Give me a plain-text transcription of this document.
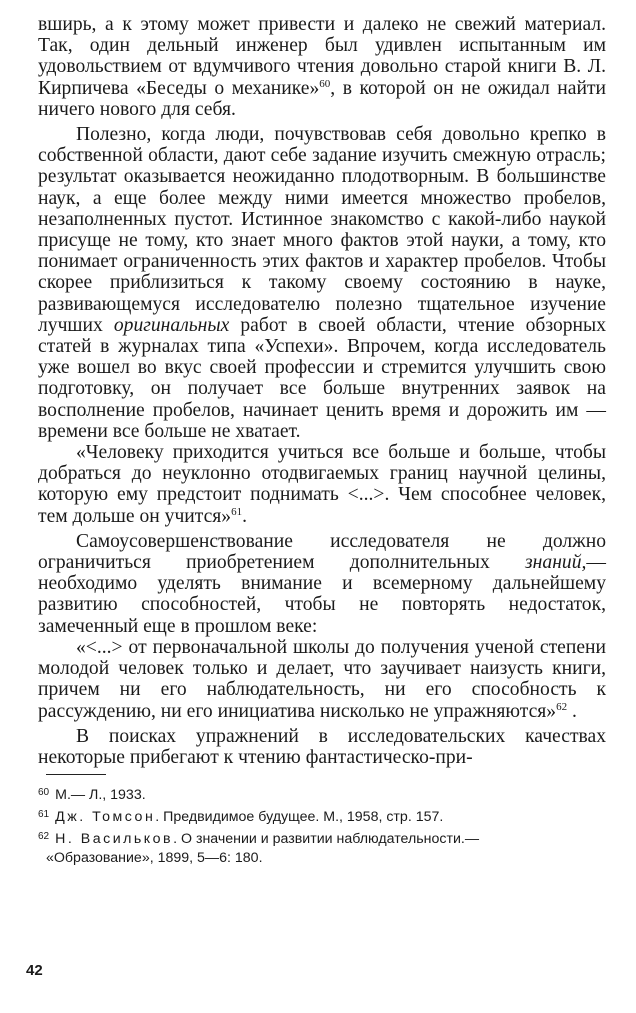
вширь, а к этому может привести и далеко не свежий материал. Так, один дельный инженер был удивлен испытанным им удовольствием от вдумчивого чтения довольно старой книги В. Л. Кирпичева «Беседы о механике»$^{60}$, в которой он не ожидал найти ничего нового для себя.

Полезно, когда люди, почувствовав себя довольно крепко в собственной области, дают себе задание изучить смежную отрасль; результат оказывается неожиданно плодотворным. В большинстве наук, а еще более между ними имеется множество пробелов, незаполненных пустот. Истинное знакомство с какой-либо наукой присуще не тому, кто знает много фактов этой науки, а тому, кто понимает ограниченность этих фактов и характер пробелов. Чтобы скорее приблизиться к такому своему состоянию в науке, развивающемуся исследователю полезно тщательное изучение лучших оригинальных работ в своей области, чтение обзорных статей в журналах типа «Успехи». Впрочем, когда исследователь уже вошел во вкус своей профессии и стремится улучшить свою подготовку, он получает все больше внутренних заявок на восполнение пробелов, начинает ценить время и дорожить им — времени все больше не хватает.

«Человеку приходится учиться все больше и больше, чтобы добраться до неуклонно отодвигаемых границ научной целины, которую ему предстоит поднимать <...>. Чем способнее человек, тем дольше он учится»$^{61}$.

Самоусовершенствование исследователя не должно ограничиться приобретением дополнительных знаний,— необходимо уделять внимание и всемерному дальнейшему развитию способностей, чтобы не повторять недостаток, замеченный еще в прошлом веке:

«<...> от первоначальной школы до получения ученой степени молодой человек только и делает, что заучивает наизусть книги, причем ни его наблюдательность, ни его способность к рассуждению, ни его инициатива нисколько не упражняются»$^{62}$ .

В поисках упражнений в исследовательских качествах некоторые прибегают к чтению фантастическо-при-

$^{60}$ М.— Л., 1933.

$^{61}$ Дж. Томсон. Предвидимое будущее. М., 1958, стр. 157.

$^{62}$ Н. Васильков. О значении и развитии наблюдательности.—

«Образование», 1899, 5—6: 180.

42
